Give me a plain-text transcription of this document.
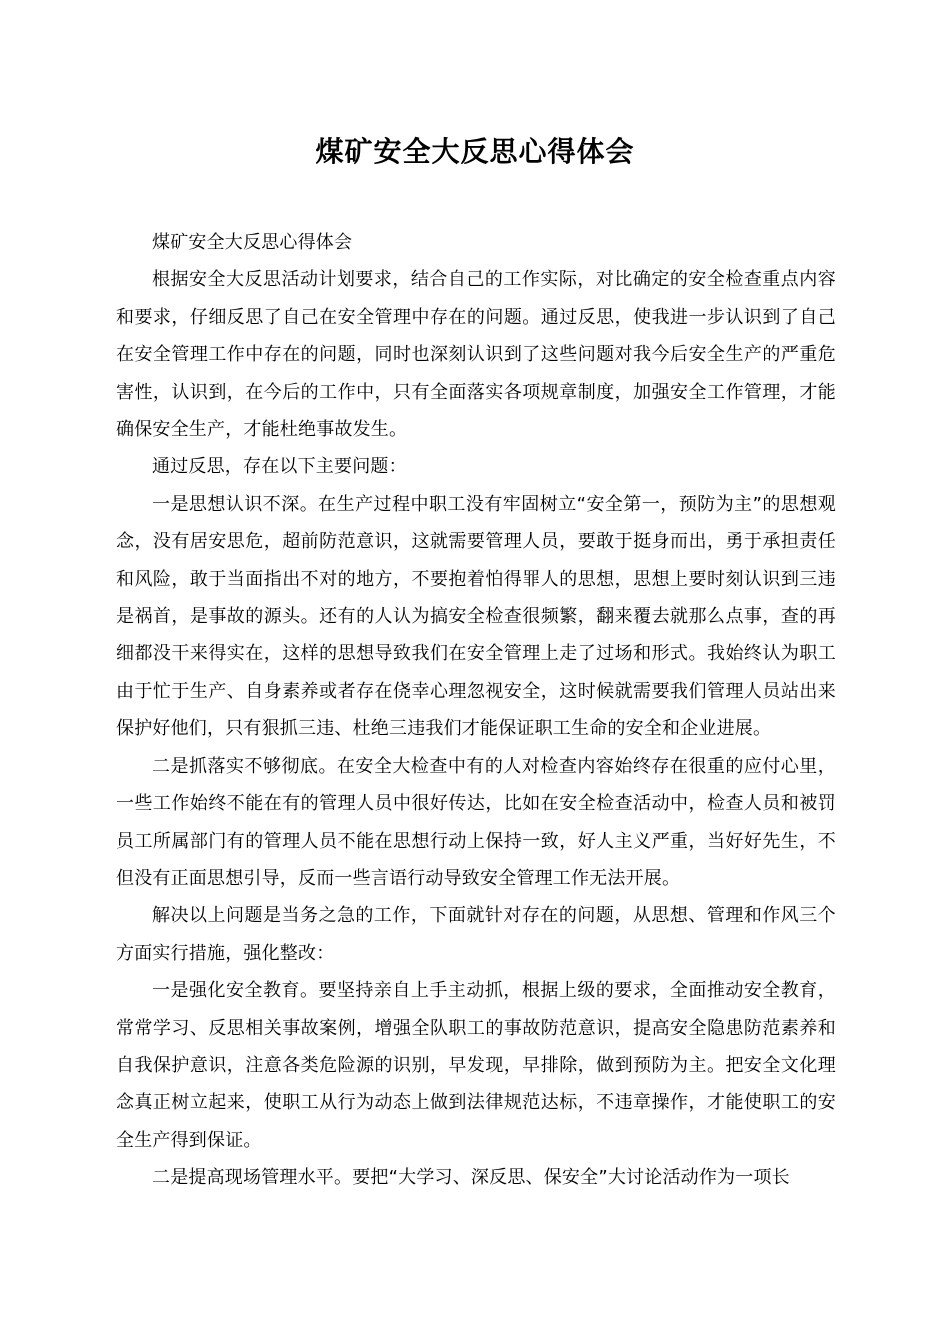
煤矿安全大反思心得体会

煤矿安全大反思心得体会

根据安全大反思活动计划要求，结合自己的工作实际，对比确定的安全检查重点内容和要求，仔细反思了自己在安全管理中存在的问题。通过反思，使我进一步认识到了自己在安全管理工作中存在的问题，同时也深刻认识到了这些问题对我今后安全生产的严重危害性，认识到，在今后的工作中，只有全面落实各项规章制度，加强安全工作管理，才能确保安全生产，才能杜绝事故发生。

通过反思，存在以下主要问题：

一是思想认识不深。在生产过程中职工没有牢固树立“安全第一，预防为主”的思想观念，没有居安思危，超前防范意识，这就需要管理人员，要敢于挺身而出，勇于承担责任和风险，敢于当面指出不对的地方，不要抱着怕得罪人的思想，思想上要时刻认识到三违是祸首，是事故的源头。还有的人认为搞安全检查很频繁，翻来覆去就那么点事，查的再细都没干来得实在，这样的思想导致我们在安全管理上走了过场和形式。我始终认为职工由于忙于生产、自身素养或者存在侥幸心理忽视安全，这时候就需要我们管理人员站出来保护好他们，只有狠抓三违、杜绝三违我们才能保证职工生命的安全和企业进展。

二是抓落实不够彻底。在安全大检查中有的人对检查内容始终存在很重的应付心里，一些工作始终不能在有的管理人员中很好传达，比如在安全检查活动中，检查人员和被罚员工所属部门有的管理人员不能在思想行动上保持一致，好人主义严重，当好好先生，不但没有正面思想引导，反而一些言语行动导致安全管理工作无法开展。

解决以上问题是当务之急的工作，下面就针对存在的问题，从思想、管理和作风三个方面实行措施，强化整改：

一是强化安全教育。要坚持亲自上手主动抓，根据上级的要求，全面推动安全教育，常常学习、反思相关事故案例，增强全队职工的事故防范意识，提高安全隐患防范素养和自我保护意识，注意各类危险源的识别，早发现，早排除，做到预防为主。把安全文化理念真正树立起来，使职工从行为动态上做到法律规范达标，不违章操作，才能使职工的安全生产得到保证。

二是提高现场管理水平。要把“大学习、深反思、保安全”大讨论活动作为一项长
